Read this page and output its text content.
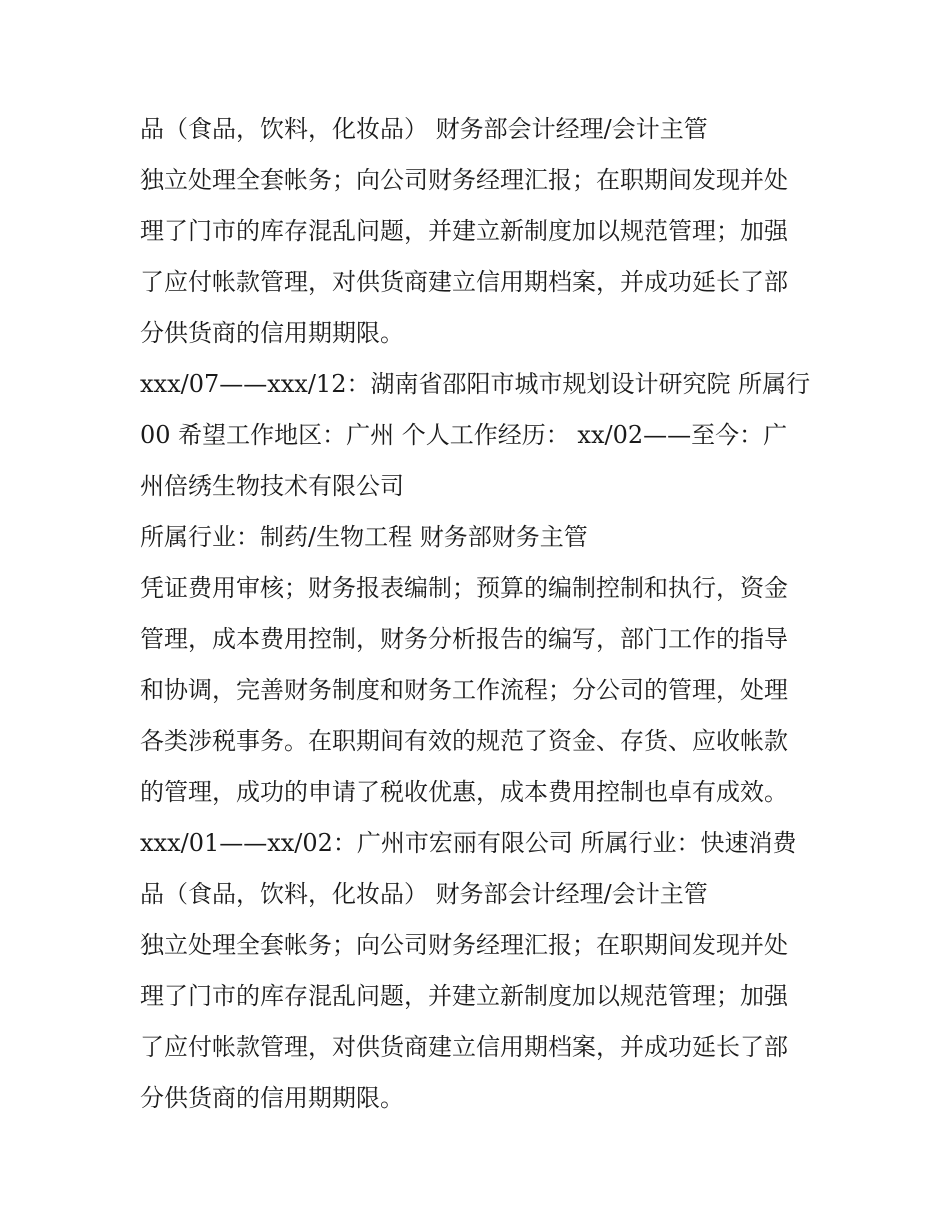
品（食品，饮料，化妆品） 财务部会计经理/会计主管
独立处理全套帐务；向公司财务经理汇报；在职期间发现并处
理了门市的库存混乱问题，并建立新制度加以规范管理；加强
了应付帐款管理，对供货商建立信用期档案，并成功延长了部
分供货商的信用期期限。
xxx/07——xxx/12：湖南省邵阳市城市规划设计研究院 所属行
00 希望工作地区：广州 个人工作经历： xx/02——至今：广
州倍绣生物技术有限公司
所属行业：制药/生物工程 财务部财务主管
凭证费用审核；财务报表编制；预算的编制控制和执行，资金
管理，成本费用控制，财务分析报告的编写，部门工作的指导
和协调，完善财务制度和财务工作流程；分公司的管理，处理
各类涉税事务。在职期间有效的规范了资金、存货、应收帐款
的管理，成功的申请了税收优惠，成本费用控制也卓有成效。
xxx/01——xx/02：广州市宏丽有限公司 所属行业：快速消费
品（食品，饮料，化妆品） 财务部会计经理/会计主管
独立处理全套帐务；向公司财务经理汇报；在职期间发现并处
理了门市的库存混乱问题，并建立新制度加以规范管理；加强
了应付帐款管理，对供货商建立信用期档案，并成功延长了部
分供货商的信用期期限。
